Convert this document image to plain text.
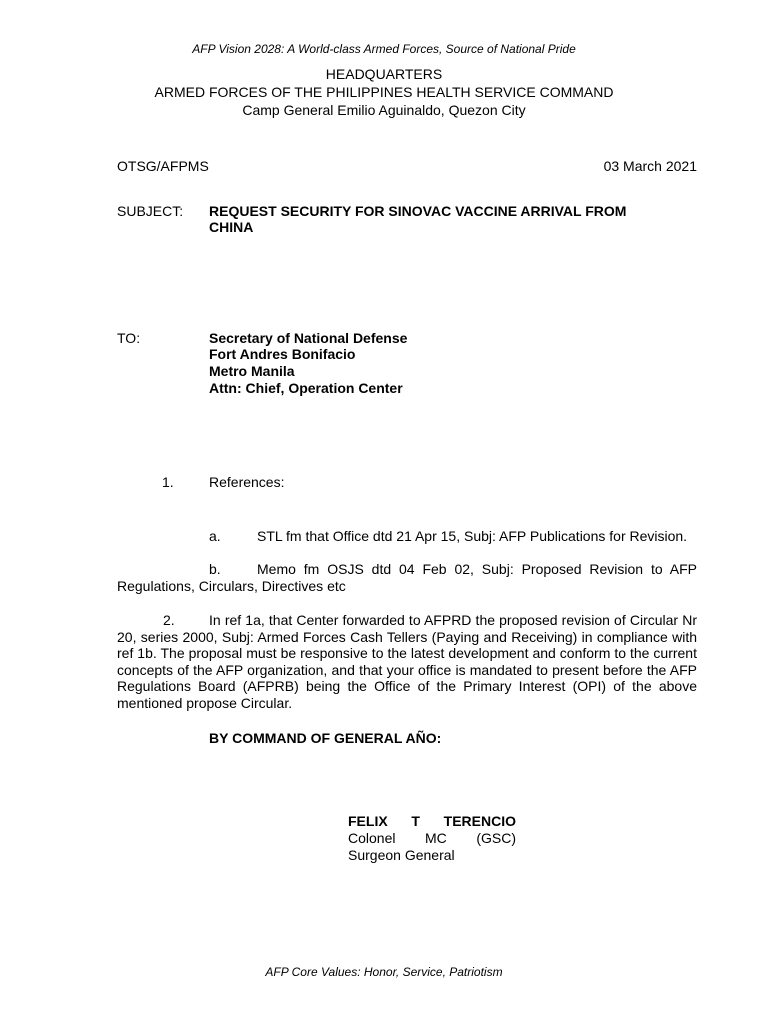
AFP Vision 2028: A World-class Armed Forces, Source of National Pride
HEADQUARTERS
ARMED FORCES OF THE PHILIPPINES HEALTH SERVICE COMMAND
Camp General Emilio Aguinaldo, Quezon City
OTSG/AFPMS	03 March 2021
SUBJECT: REQUEST SECURITY FOR SINOVAC VACCINE ARRIVAL FROM
CHINA
TO:	Secretary of National Defense
Fort Andres Bonifacio
Metro Manila
Attn: Chief, Operation Center
1.	References:
a.	STL fm that Office dtd 21 Apr 15, Subj: AFP Publications for Revision.
b.	Memo fm OSJS dtd 04 Feb 02, Subj: Proposed Revision to AFP Regulations, Circulars, Directives etc
2. In ref 1a, that Center forwarded to AFPRD the proposed revision of Circular Nr 20, series 2000, Subj: Armed Forces Cash Tellers (Paying and Receiving) in compliance with ref 1b. The proposal must be responsive to the latest development and conform to the current concepts of the AFP organization, and that your office is mandated to present before the AFP Regulations Board (AFPRB) being the Office of the Primary Interest (OPI) of the above mentioned propose Circular.
BY COMMAND OF GENERAL AÑO:
FELIX T TERENCIO
Colonel MC (GSC)
Surgeon General
AFP Core Values: Honor, Service, Patriotism
